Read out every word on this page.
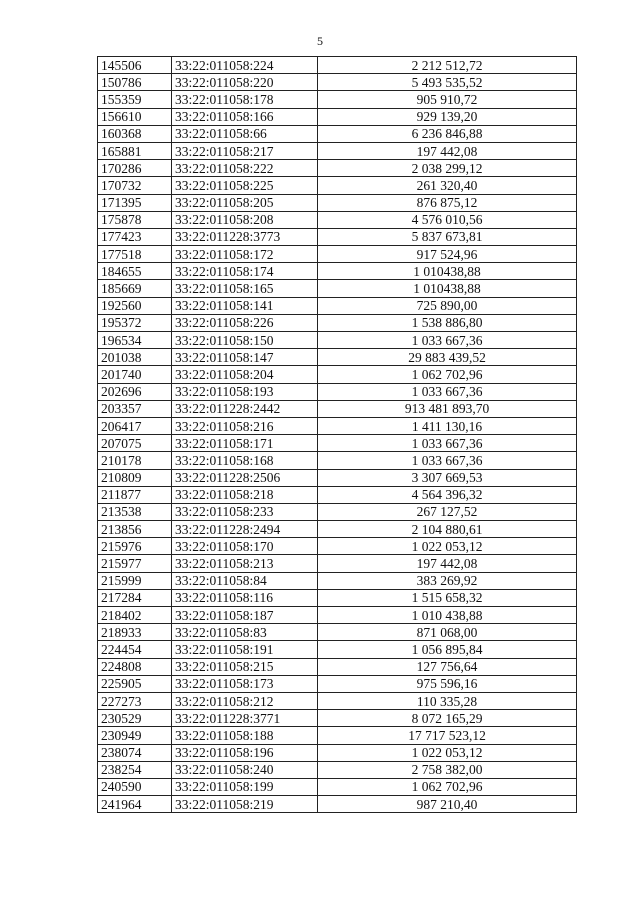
5
145506	33:22:011058:224	2 212 512,72
150786	33:22:011058:220	5 493 535,52
155359	33:22:011058:178	905 910,72
156610	33:22:011058:166	929 139,20
160368	33:22:011058:66	6 236 846,88
165881	33:22:011058:217	197 442,08
170286	33:22:011058:222	2 038 299,12
170732	33:22:011058:225	261 320,40
171395	33:22:011058:205	876 875,12
175878	33:22:011058:208	4 576 010,56
177423	33:22:011228:3773	5 837 673,81
177518	33:22:011058:172	917 524,96
184655	33:22:011058:174	1 010438,88
185669	33:22:011058:165	1 010438,88
192560	33:22:011058:141	725 890,00
195372	33:22:011058:226	1 538 886,80
196534	33:22:011058:150	1 033 667,36
201038	33:22:011058:147	29 883 439,52
201740	33:22:011058:204	1 062 702,96
202696	33:22:011058:193	1 033 667,36
203357	33:22:011228:2442	913 481 893,70
206417	33:22:011058:216	1 411 130,16
207075	33:22:011058:171	1 033 667,36
210178	33:22:011058:168	1 033 667,36
210809	33:22:011228:2506	3 307 669,53
211877	33:22:011058:218	4 564 396,32
213538	33:22:011058:233	267 127,52
213856	33:22:011228:2494	2 104 880,61
215976	33:22:011058:170	1 022 053,12
215977	33:22:011058:213	197 442,08
215999	33:22:011058:84	383 269,92
217284	33:22:011058:116	1 515 658,32
218402	33:22:011058:187	1 010 438,88
218933	33:22:011058:83	871 068,00
224454	33:22:011058:191	1 056 895,84
224808	33:22:011058:215	127 756,64
225905	33:22:011058:173	975 596,16
227273	33:22:011058:212	110 335,28
230529	33:22:011228:3771	8 072 165,29
230949	33:22:011058:188	17 717 523,12
238074	33:22:011058:196	1 022 053,12
238254	33:22:011058:240	2 758 382,00
240590	33:22:011058:199	1 062 702,96
241964	33:22:011058:219	987 210,40
